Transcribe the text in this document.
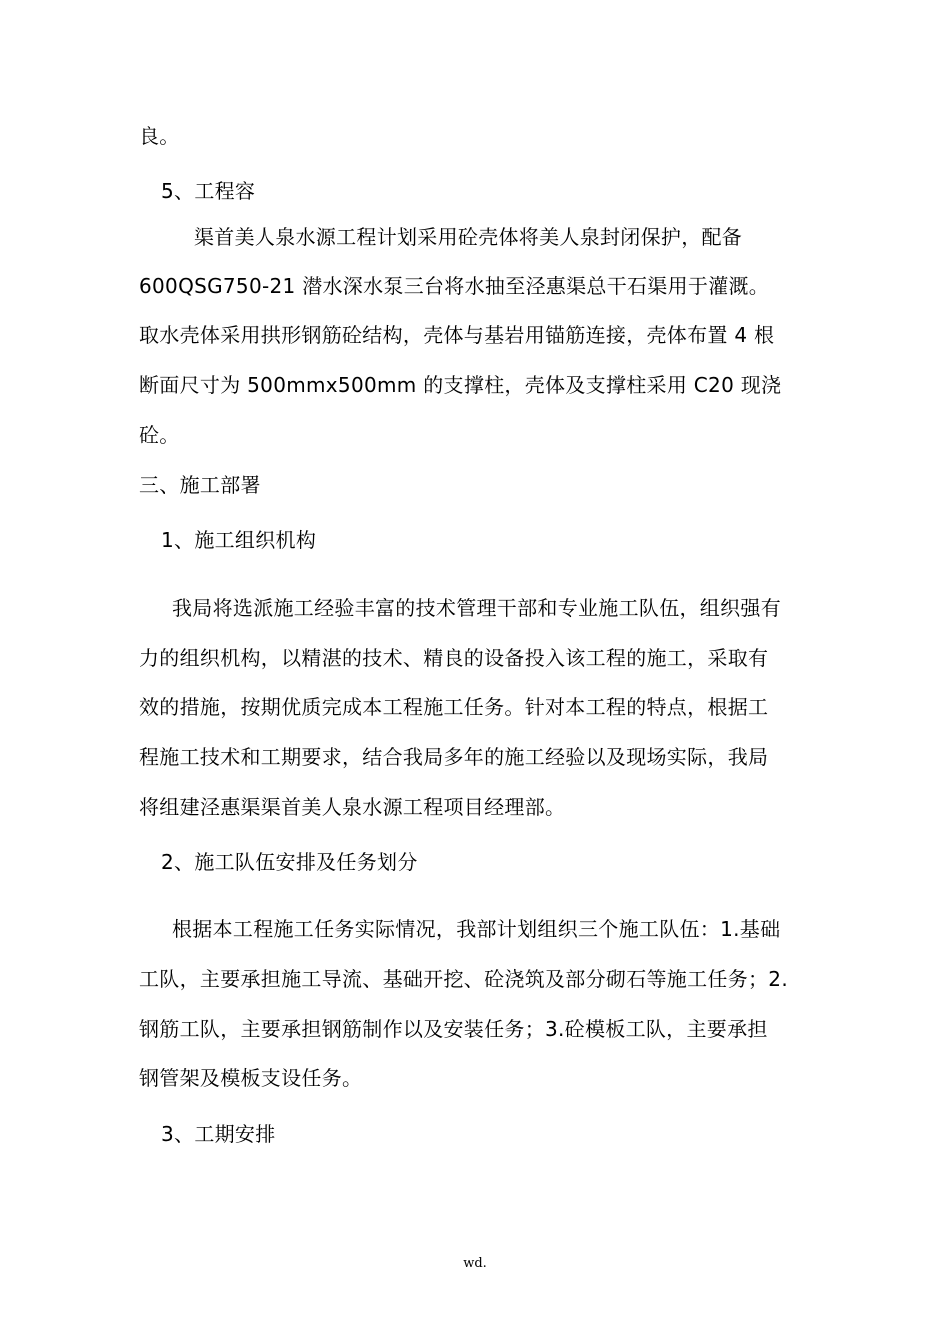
良。
5、工程容
渠首美人泉水源工程计划采用砼壳体将美人泉封闭保护，配备
600QSG750-21 潜水深水泵三台将水抽至泾惠渠总干石渠用于灌溉。
取水壳体采用拱形钢筋砼结构，壳体与基岩用锚筋连接，壳体布置 4 根
断面尺寸为 500mmx500mm 的支撑柱，壳体及支撑柱采用 C20 现浇
砼。
三、施工部署
1、施工组织机构
我局将选派施工经验丰富的技术管理干部和专业施工队伍，组织强有
力的组织机构，以精湛的技术、精良的设备投入该工程的施工，采取有
效的措施，按期优质完成本工程施工任务。针对本工程的特点，根据工
程施工技术和工期要求，结合我局多年的施工经验以及现场实际，我局
将组建泾惠渠渠首美人泉水源工程项目经理部。
2、施工队伍安排及任务划分
根据本工程施工任务实际情况，我部计划组织三个施工队伍：1.基础
工队，主要承担施工导流、基础开挖、砼浇筑及部分砌石等施工任务；2.
钢筋工队，主要承担钢筋制作以及安装任务；3.砼模板工队，主要承担
钢管架及模板支设任务。
3、工期安排
wd.
